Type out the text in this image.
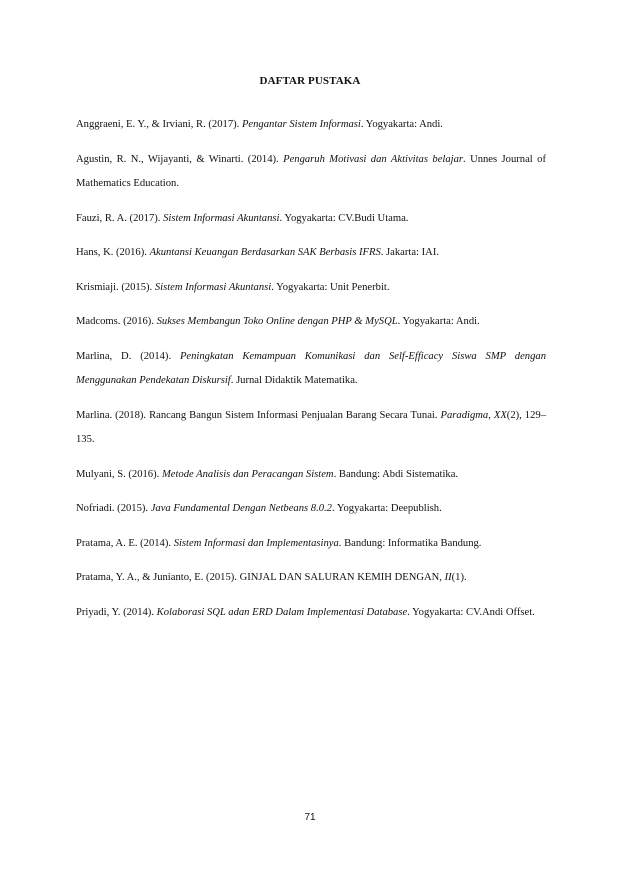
DAFTAR PUSTAKA
Anggraeni, E. Y., & Irviani, R. (2017). Pengantar Sistem Informasi. Yogyakarta: Andi.
Agustin, R. N., Wijayanti, & Winarti. (2014). Pengaruh Motivasi dan Aktivitas belajar. Unnes Journal of Mathematics Education.
Fauzi, R. A. (2017). Sistem Informasi Akuntansi. Yogyakarta: CV.Budi Utama.
Hans, K. (2016). Akuntansi Keuangan Berdasarkan SAK Berbasis IFRS. Jakarta: IAI.
Krismiaji. (2015). Sistem Informasi Akuntansi. Yogyakarta: Unit Penerbit.
Madcoms. (2016). Sukses Membangun Toko Online dengan PHP & MySQL. Yogyakarta: Andi.
Marlina, D. (2014). Peningkatan Kemampuan Komunikasi dan Self-Efficacy Siswa SMP dengan Menggunakan Pendekatan Diskursif. Jurnal Didaktik Matematika.
Marlina. (2018). Rancang Bangun Sistem Informasi Penjualan Barang Secara Tunai. Paradigma, XX(2), 129–135.
Mulyani, S. (2016). Metode Analisis dan Peracangan Sistem. Bandung: Abdi Sistematika.
Nofriadi. (2015). Java Fundamental Dengan Netbeans 8.0.2. Yogyakarta: Deepublish.
Pratama, A. E. (2014). Sistem Informasi dan Implementasinya. Bandung: Informatika Bandung.
Pratama, Y. A., & Junianto, E. (2015). GINJAL DAN SALURAN KEMIH DENGAN, II(1).
Priyadi, Y. (2014). Kolaborasi SQL adan ERD Dalam Implementasi Database. Yogyakarta: CV.Andi Offset.
71
